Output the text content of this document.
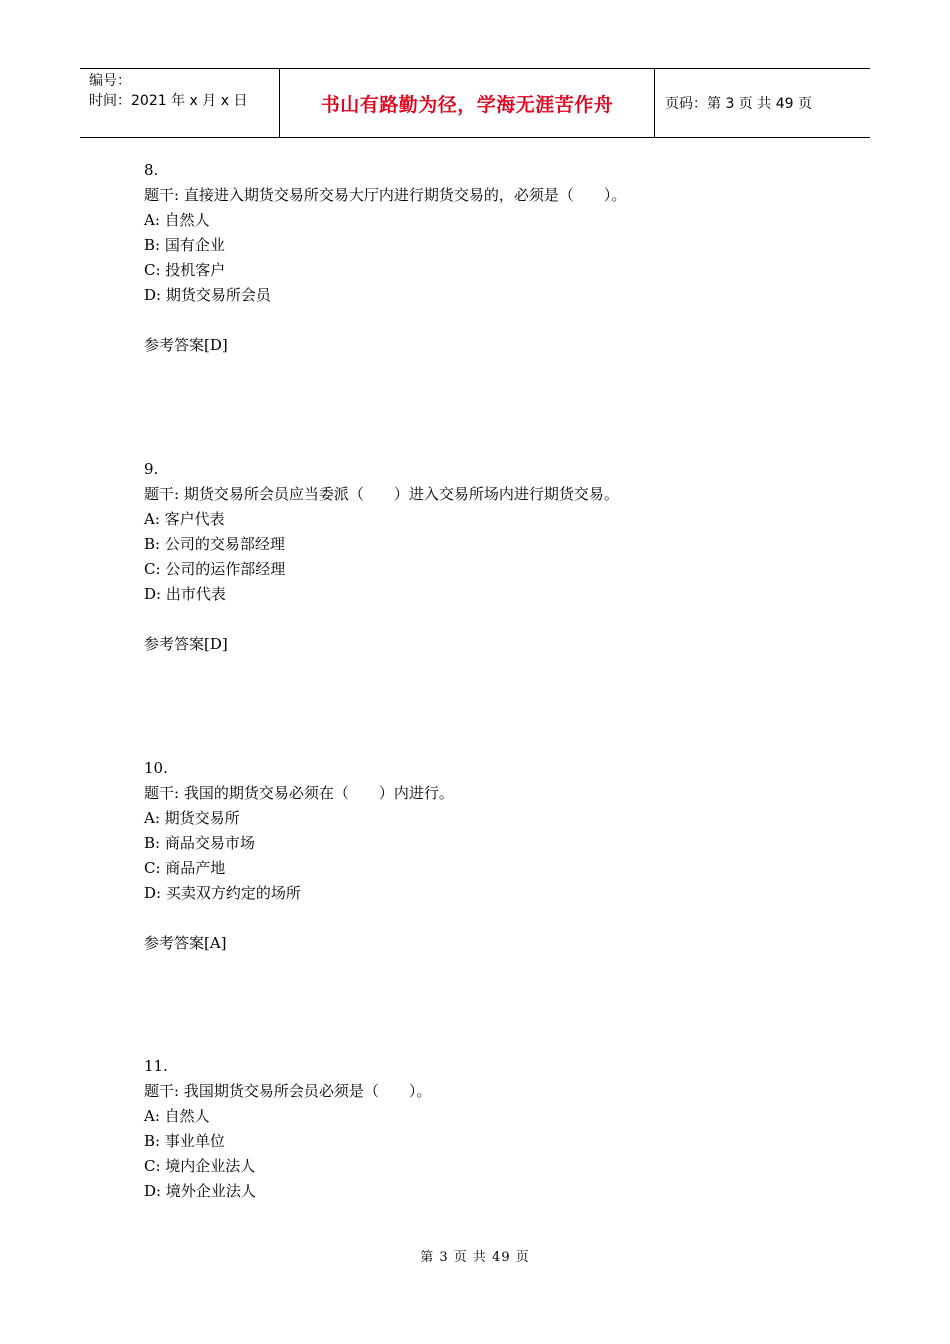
编号：
时间：2021 年 x 月 x 日	书山有路勤为径，学海无涯苦作舟	页码：第 3 页 共 49 页
8.
题干: 直接进入期货交易所交易大厅内进行期货交易的，必须是（　　）。
A: 自然人
B: 国有企业
C: 投机客户
D: 期货交易所会员
参考答案[D]
9.
题干: 期货交易所会员应当委派（　　）进入交易所场内进行期货交易。
A: 客户代表
B: 公司的交易部经理
C: 公司的运作部经理
D: 出市代表
参考答案[D]
10.
题干: 我国的期货交易必须在（　　）内进行。
A: 期货交易所
B: 商品交易市场
C: 商品产地
D: 买卖双方约定的场所
参考答案[A]
11.
题干: 我国期货交易所会员必须是（　　）。
A: 自然人
B: 事业单位
C: 境内企业法人
D: 境外企业法人
第 3 页 共 49 页
